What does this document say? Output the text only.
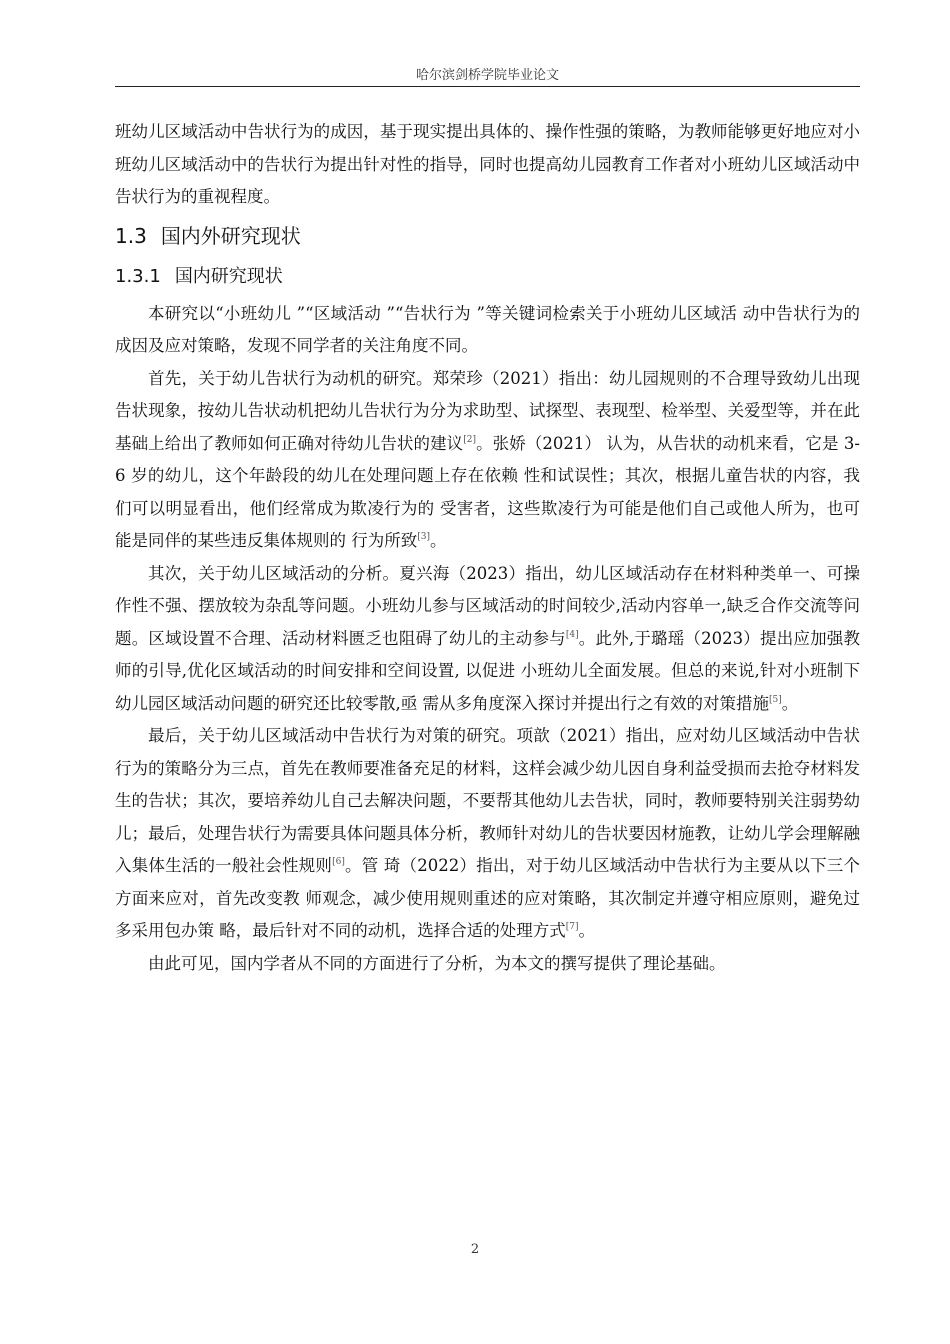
哈尔滨剑桥学院毕业论文

班幼儿区域活动中告状行为的成因，基于现实提出具体的、操作性强的策略，为教师能够更好地应对小班幼儿区域活动中的告状行为提出针对性的指导，同时也提高幼儿园教育工作者对小班幼儿区域活动中告状行为的重视程度。

1.3 国内外研究现状
1.3.1 国内研究现状

本研究以“小班幼儿 ”“区域活动 ”“告状行为 ”等关键词检索关于小班幼儿区域活 动中告状行为的成因及应对策略，发现不同学者的关注角度不同。

首先，关于幼儿告状行为动机的研究。郑荣珍（2021）指出：幼儿园规则的不合理导致幼儿出现告状现象，按幼儿告状动机把幼儿告状行为分为求助型、试探型、表现型、检举型、关爱型等，并在此基础上给出了教师如何正确对待幼儿告状的建议[2]。张娇（2021） 认为，从告状的动机来看，它是 3-6 岁的幼儿，这个年龄段的幼儿在处理问题上存在依赖 性和试误性；其次，根据儿童告状的内容，我们可以明显看出，他们经常成为欺凌行为的 受害者，这些欺凌行为可能是他们自己或他人所为，也可能是同伴的某些违反集体规则的 行为所致[3]。

其次，关于幼儿区域活动的分析。夏兴海（2023）指出，幼儿区域活动存在材料种类单一、可操作性不强、摆放较为杂乱等问题。小班幼儿参与区域活动的时间较少,活动内容单一,缺乏合作交流等问题。区域设置不合理、活动材料匮乏也阻碍了幼儿的主动参与[4]。此外,于璐瑶（2023）提出应加强教师的引导,优化区域活动的时间安排和空间设置, 以促进 小班幼儿全面发展。但总的来说,针对小班制下幼儿园区域活动问题的研究还比较零散,亟 需从多角度深入探讨并提出行之有效的对策措施[5]。

最后，关于幼儿区域活动中告状行为对策的研究。项歆（2021）指出，应对幼儿区域活动中告状行为的策略分为三点，首先在教师要准备充足的材料，这样会减少幼儿因自身利益受损而去抢夺材料发生的告状；其次，要培养幼儿自己去解决问题，不要帮其他幼儿去告状，同时，教师要特别关注弱势幼儿；最后，处理告状行为需要具体问题具体分析，教师针对幼儿的告状要因材施教，让幼儿学会理解融入集体生活的一般社会性规则[6]。管 琦（2022）指出，对于幼儿区域活动中告状行为主要从以下三个方面来应对，首先改变教 师观念，减少使用规则重述的应对策略，其次制定并遵守相应原则，避免过多采用包办策 略，最后针对不同的动机，选择合适的处理方式[7]。

由此可见，国内学者从不同的方面进行了分析，为本文的撰写提供了理论基础。

2
